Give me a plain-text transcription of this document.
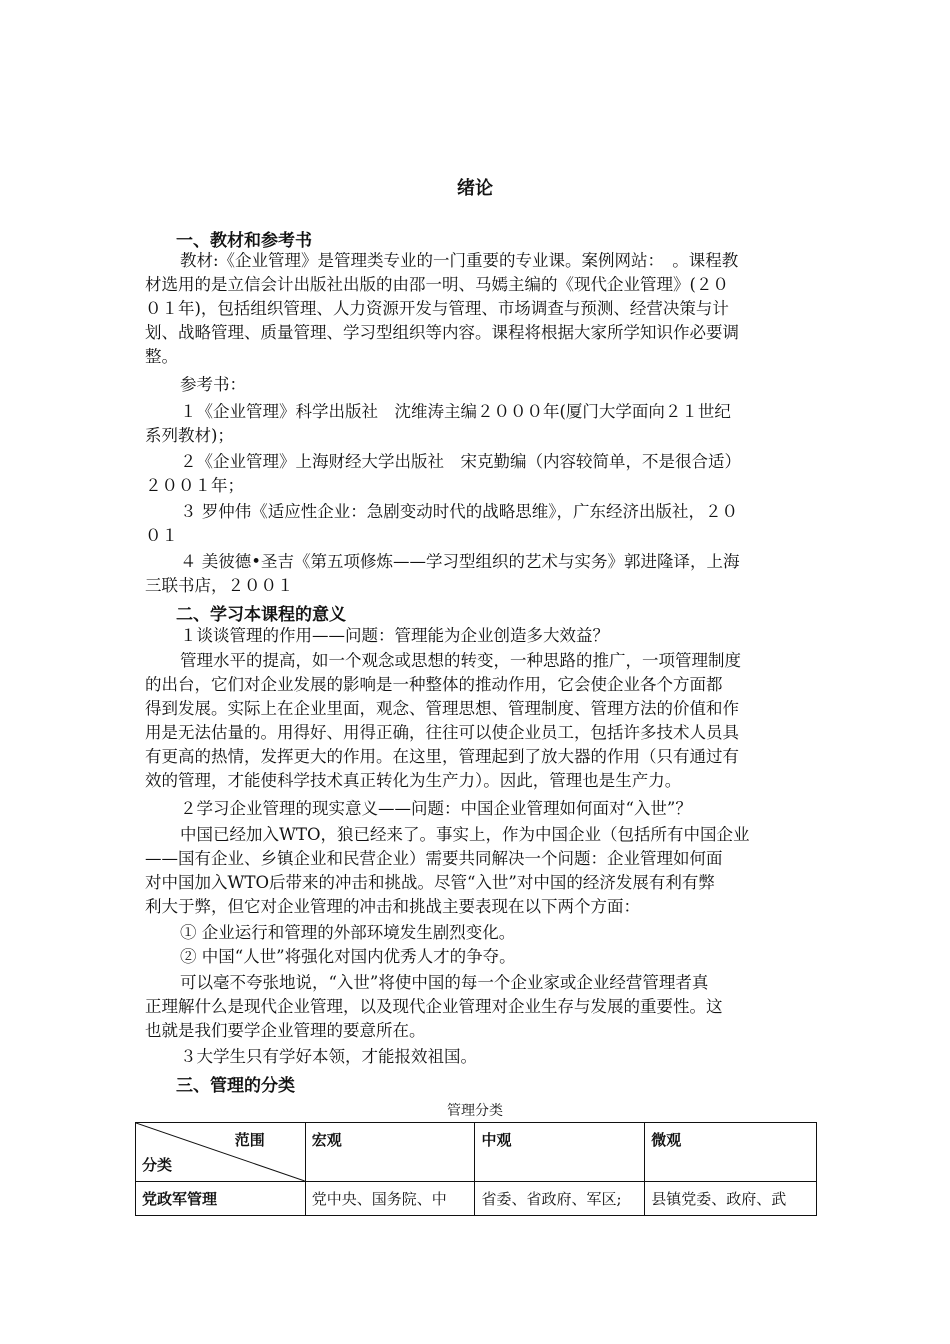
绪论
一、教材和参考书
教材:《企业管理》是管理类专业的一门重要的专业课。案例网站：　。课程教
材选用的是立信会计出版社出版的由邵一明、马嫣主编的《现代企业管理》(２０
０１年)，包括组织管理、人力资源开发与管理、市场调查与预测、经营决策与计
划、战略管理、质量管理、学习型组织等内容。课程将根据大家所学知识作必要调
整。
参考书：
１《企业管理》科学出版社　沈维涛主编２０００年(厦门大学面向２１世纪
系列教材)；
２《企业管理》上海财经大学出版社　宋克勤编（内容较简单，不是很合适）
２００１年；
３ 罗仲伟《适应性企业：急剧变动时代的战略思维》，广东经济出版社，２０
０１
４ 美彼德•圣吉《第五项修炼——学习型组织的艺术与实务》郭进隆译，上海
三联书店，２００１
二、学习本课程的意义
１谈谈管理的作用——问题：管理能为企业创造多大效益？
管理水平的提高，如一个观念或思想的转变，一种思路的推广，一项管理制度
的出台，它们对企业发展的影响是一种整体的推动作用，它会使企业各个方面都
得到发展。实际上在企业里面，观念、管理思想、管理制度、管理方法的价值和作
用是无法估量的。用得好、用得正确，往往可以使企业员工，包括许多技术人员具
有更高的热情，发挥更大的作用。在这里，管理起到了放大器的作用（只有通过有
效的管理，才能使科学技术真正转化为生产力）。因此，管理也是生产力。
２学习企业管理的现实意义——问题：中国企业管理如何面对“入世”？
中国已经加入WTO，狼已经来了。事实上，作为中国企业（包括所有中国企业
——国有企业、乡镇企业和民营企业）需要共同解决一个问题：企业管理如何面
对中国加入WTO后带来的冲击和挑战。尽管“入世”对中国的经济发展有利有弊
利大于弊，但它对企业管理的冲击和挑战主要表现在以下两个方面：
① 企业运行和管理的外部环境发生剧烈变化。
② 中国“人世”将强化对国内优秀人才的争夺。
可以毫不夸张地说，“入世”将使中国的每一个企业家或企业经营管理者真
正理解什么是现代企业管理，以及现代企业管理对企业生存与发展的重要性。这
也就是我们要学企业管理的要意所在。
３大学生只有学好本领，才能报效祖国。
三、管理的分类
管理分类
范围
分类	宏观	中观	微观
党政军管理	党中央、国务院、中	省委、省政府、军区;	县镇党委、政府、武
